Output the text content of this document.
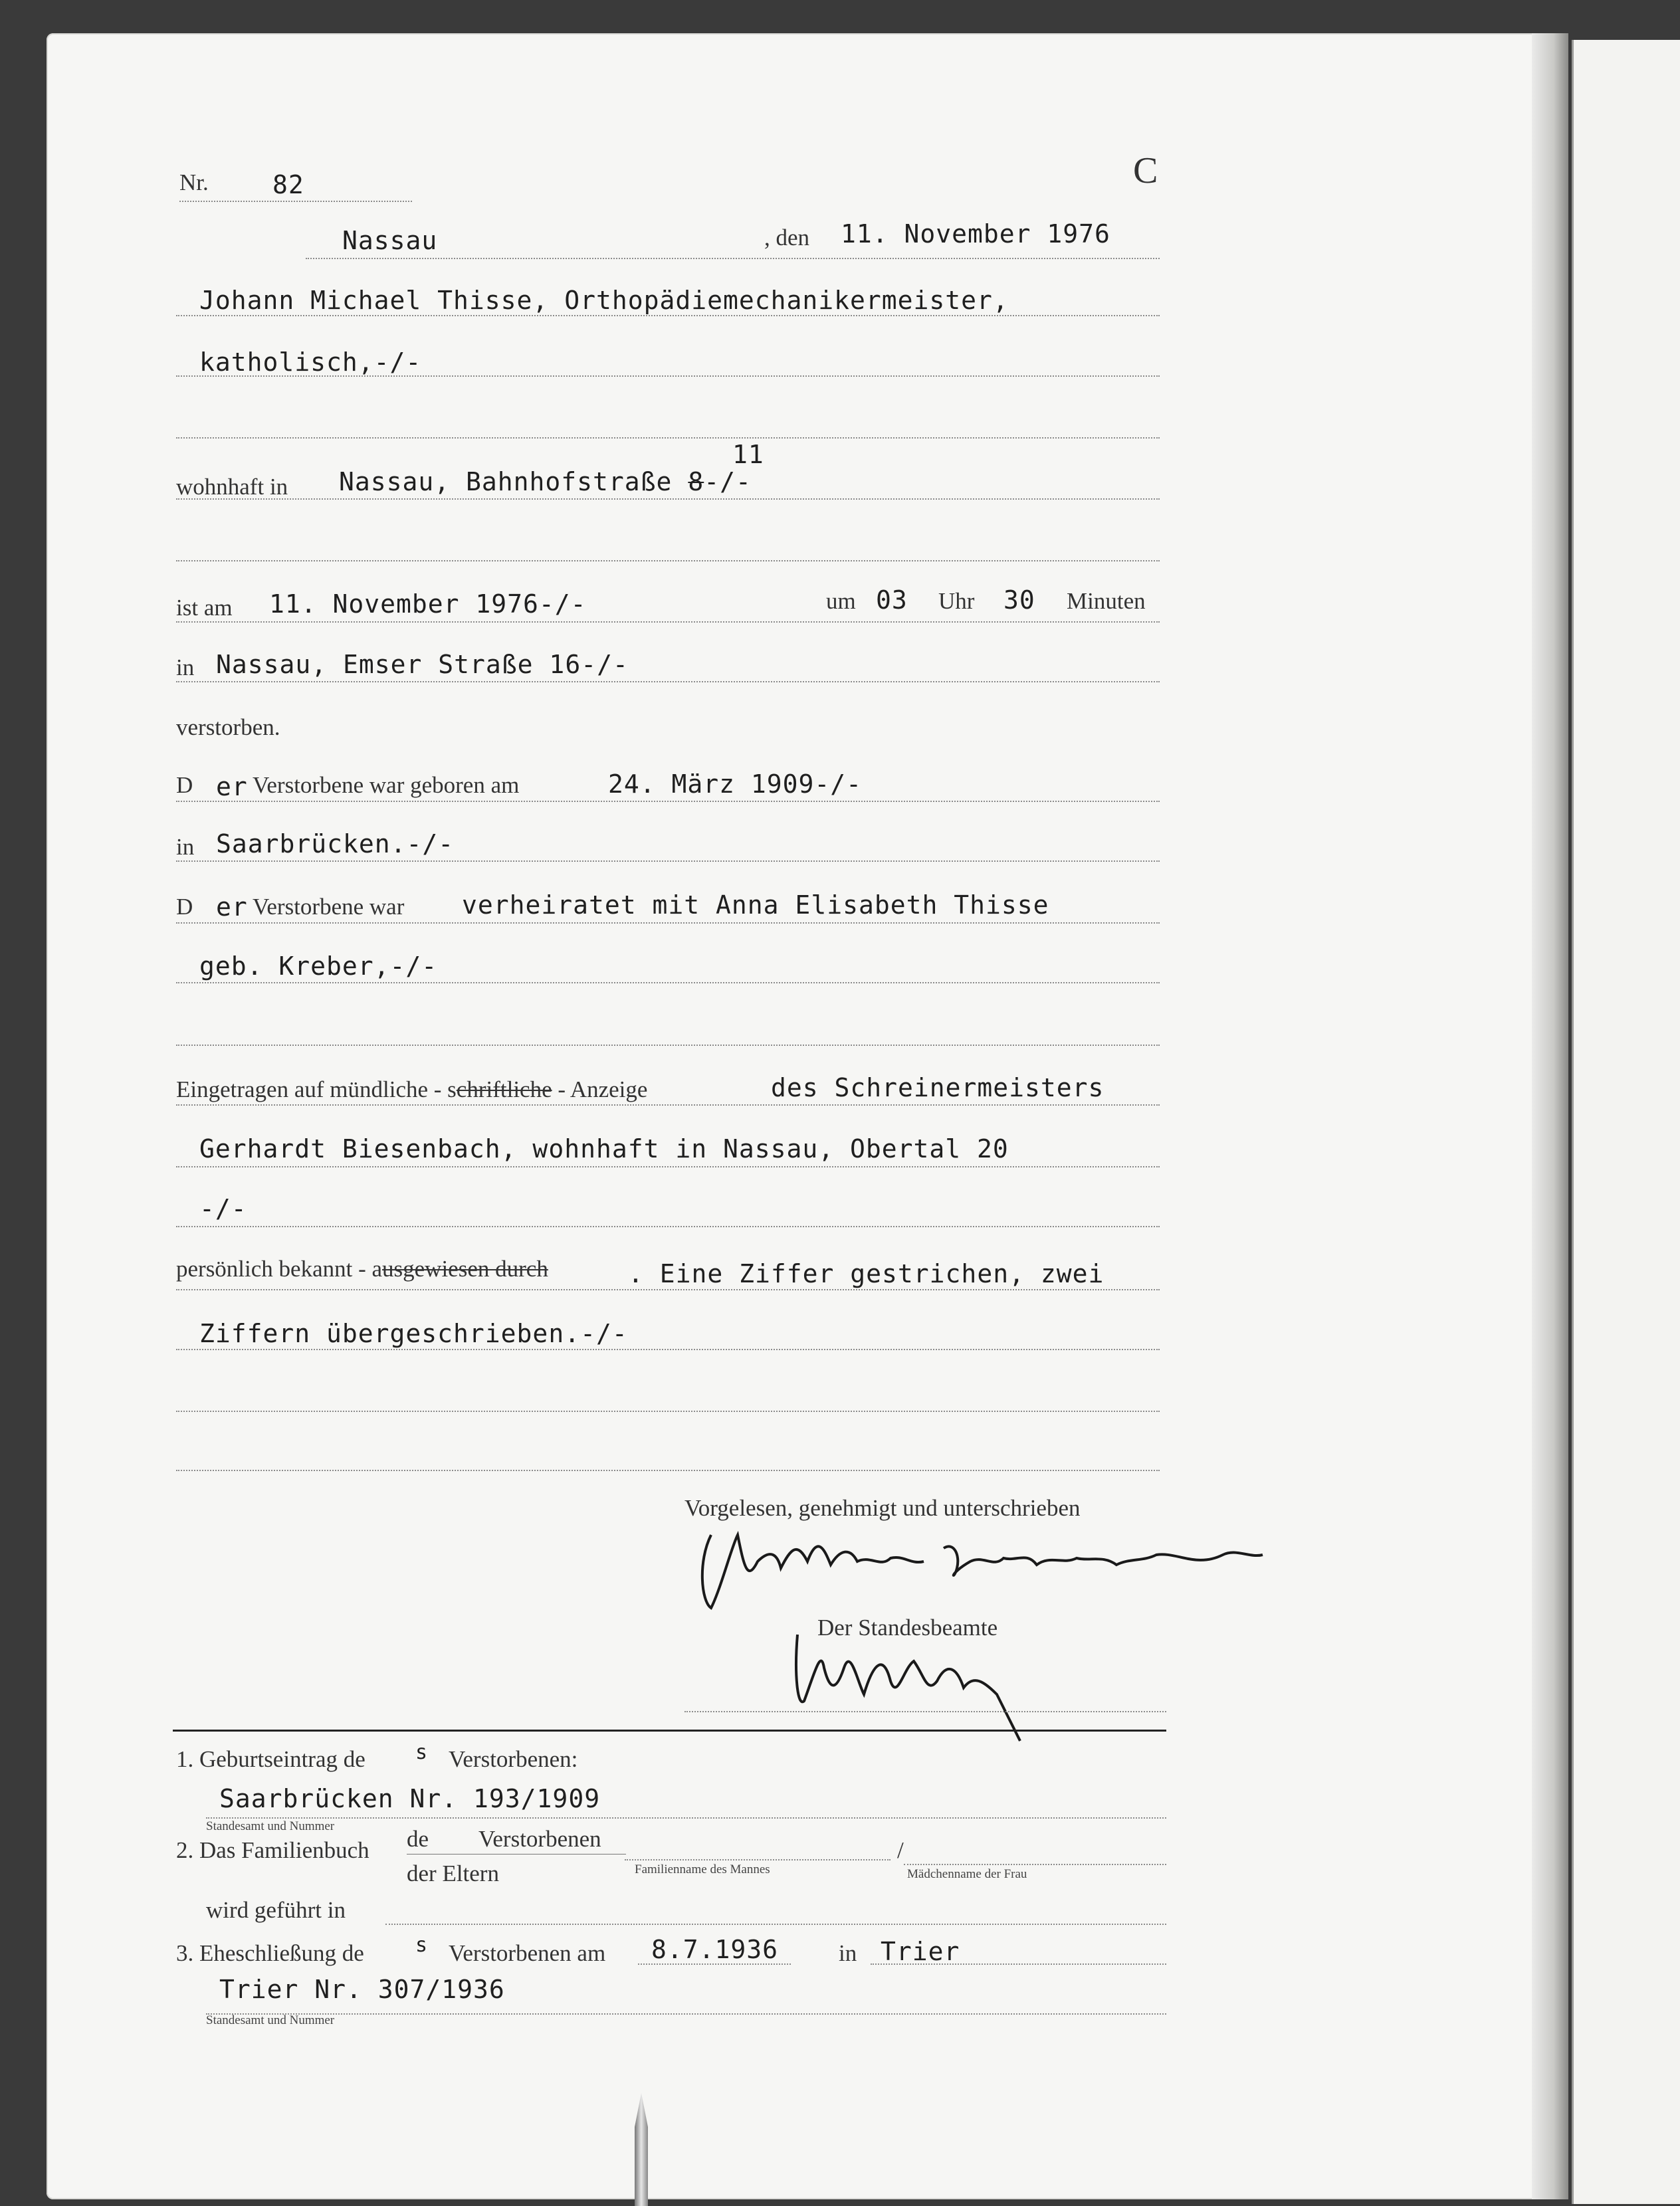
Nr.	82	C
Nassau	, den 11. November 1976
Johann Michael Thisse, Orthopädiemechanikermeister,
katholisch,-/-
11
wohnhaft in Nassau, Bahnhofstraße 8-/-
ist am 11. November 1976-/-	um 03 Uhr 30 Minuten
in Nassau, Emser Straße 16-/-
verstorben.
D er Verstorbene war geboren am	24. März 1909-/-
in Saarbrücken.-/-
D er Verstorbene war verheiratet mit Anna Elisabeth Thisse
geb. Kreber,-/-
Eingetragen auf mündliche - schriftliche - Anzeige	des Schreinermeisters
Gerhardt Biesenbach, wohnhaft in Nassau, Obertal 20
-/-
persönlich bekannt - ausgewiesen durch	. Eine Ziffer gestrichen, zwei
Ziffern übergeschrieben.-/-
Vorgelesen, genehmigt und unterschrieben
Der Standesbeamte
1. Geburtseintrag de	s Verstorbenen:
Saarbrücken Nr. 193/1909
Standesamt und Nummer
2. Das Familienbuch de Verstorbenen
der Eltern	Familienname des Mannes
/
Mädchenname der Frau
wird geführt in
3. Eheschließung de	s Verstorbenen am 8.7.1936	in Trier
Trier Nr. 307/1936
Standesamt und Nummer
